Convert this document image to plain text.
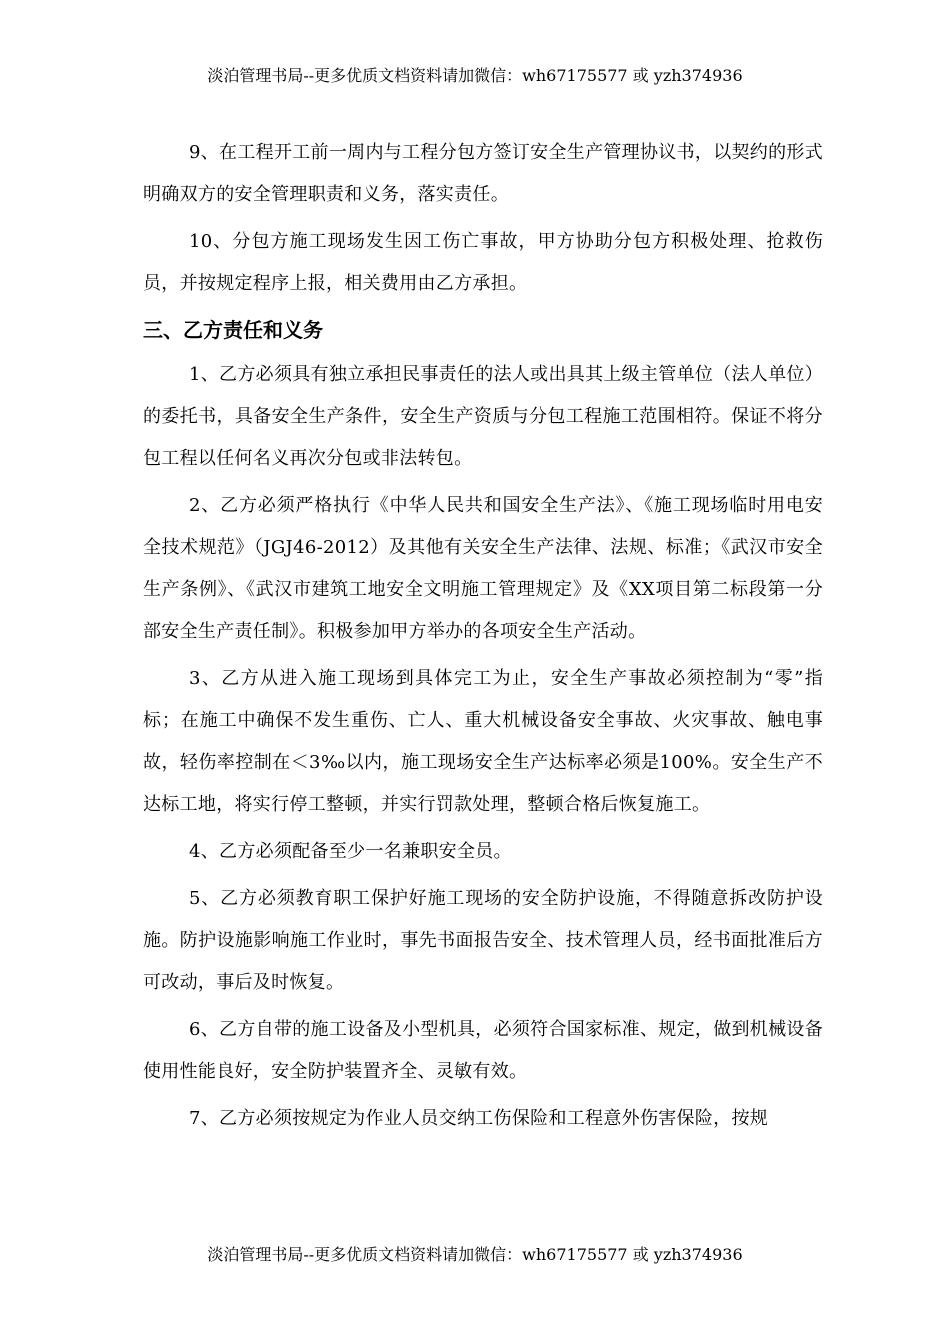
淡泊管理书局--更多优质文档资料请加微信：wh67175577 或 yzh374936

9、在工程开工前一周内与工程分包方签订安全生产管理协议书，以契约的形式明确双方的安全管理职责和义务，落实责任。

10、分包方施工现场发生因工伤亡事故，甲方协助分包方积极处理、抢救伤员，并按规定程序上报，相关费用由乙方承担。

三、乙方责任和义务

1、乙方必须具有独立承担民事责任的法人或出具其上级主管单位（法人单位）的委托书，具备安全生产条件，安全生产资质与分包工程施工范围相符。保证不将分包工程以任何名义再次分包或非法转包。

2、乙方必须严格执行《中华人民共和国安全生产法》、《施工现场临时用电安全技术规范》（JGJ46-2012）及其他有关安全生产法律、法规、标准；《武汉市安全生产条例》、《武汉市建筑工地安全文明施工管理规定》及《XX项目第二标段第一分部安全生产责任制》。积极参加甲方举办的各项安全生产活动。

3、乙方从进入施工现场到具体完工为止，安全生产事故必须控制为“零”指标；在施工中确保不发生重伤、亡人、重大机械设备安全事故、火灾事故、触电事故，轻伤率控制在＜3‰以内，施工现场安全生产达标率必须是100%。安全生产不达标工地，将实行停工整顿，并实行罚款处理，整顿合格后恢复施工。

4、乙方必须配备至少一名兼职安全员。

5、乙方必须教育职工保护好施工现场的安全防护设施，不得随意拆改防护设施。防护设施影响施工作业时，事先书面报告安全、技术管理人员，经书面批准后方可改动，事后及时恢复。

6、乙方自带的施工设备及小型机具，必须符合国家标准、规定，做到机械设备使用性能良好，安全防护装置齐全、灵敏有效。

7、乙方必须按规定为作业人员交纳工伤保险和工程意外伤害保险，按规

淡泊管理书局--更多优质文档资料请加微信：wh67175577 或 yzh374936
